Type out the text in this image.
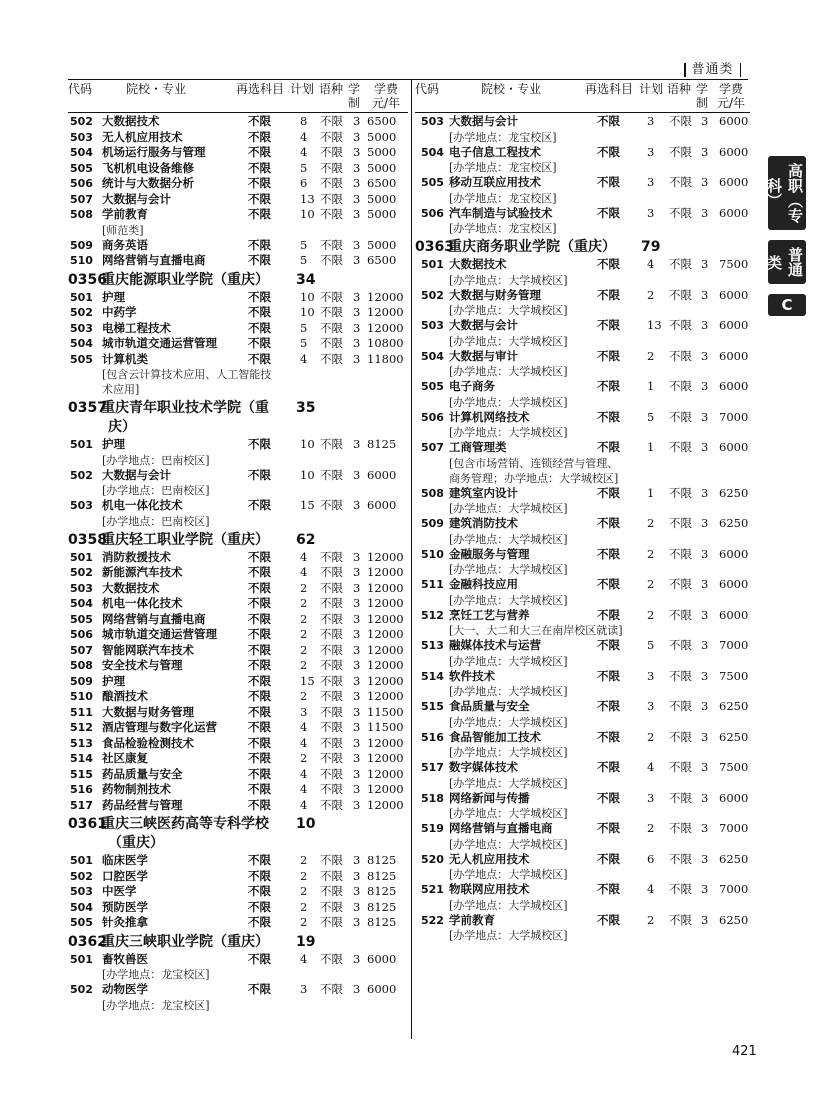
普通类
代码	院校・专业	再选科目 计划 语种 学制
学费元/年
502 大数据技术	不限	8 不限 3 6500
503 无人机应用技术	不限	4 不限 3 5000
504 机场运行服务与管理	不限	4 不限 3 5000
505 飞机机电设备维修	不限	5 不限 3 5000
506 统计与大数据分析	不限	6 不限 3 6500
507 大数据与会计	不限	13 不限 3 5000
508 学前教育	不限	10 不限 3 5000
[师范类]
509 商务英语	不限	5 不限 3 5000
510 网络营销与直播电商	不限	5 不限 3 6500
0356
重庆能源职业学院（重庆） 34
501 护理	不限	10 不限 3 12000
502 中药学	不限	10 不限 3 12000
503 电梯工程技术	不限	5 不限 3 12000
504 城市轨道交通运营管理	不限	5 不限 3 10800
505 计算机类	不限	4 不限 3 11800
[包含云计算技术应用、人工智能技
术应用]
0357
重庆青年职业技术学院（重 35
庆）
501 护理	不限	10 不限 3 8125
[办学地点：巴南校区]
502 大数据与会计	不限	10 不限 3 6000
[办学地点：巴南校区]
503 机电一体化技术	不限	15 不限 3 6000
[办学地点：巴南校区]
0358
重庆轻工职业学院（重庆） 62
501 消防救援技术	不限	4 不限 3 12000
502 新能源汽车技术	不限	4 不限 3 12000
503 大数据技术	不限	2 不限 3 12000
504 机电一体化技术	不限	2 不限 3 12000
505 网络营销与直播电商	不限	2 不限 3 12000
506 城市轨道交通运营管理	不限	2 不限 3 12000
507 智能网联汽车技术	不限	2 不限 3 12000
508 安全技术与管理	不限	2 不限 3 12000
509 护理	不限	15 不限 3 12000
510 酿酒技术	不限	2 不限 3 12000
511 大数据与财务管理	不限	3 不限 3 11500
512 酒店管理与数字化运营	不限	4 不限 3 11500
513 食品检验检测技术	不限	4 不限 3 12000
514 社区康复	不限	2 不限 3 12000
515 药品质量与安全	不限	4 不限 3 12000
516 药物制剂技术	不限	4 不限 3 12000
517 药品经营与管理	不限	4 不限 3 12000
0361
重庆三峡医药高等专科学校 10
（重庆）
501 临床医学	不限	2 不限 3 8125
502 口腔医学	不限	2 不限 3 8125
503 中医学	不限	2 不限 3 8125
504 预防医学	不限	2 不限 3 8125
505 针灸推拿	不限	2 不限 3 8125
0362
重庆三峡职业学院（重庆） 19
501 畜牧兽医	不限	4 不限 3 6000
[办学地点：龙宝校区]
502 动物医学	不限	3 不限 3 6000
[办学地点：龙宝校区]
代码	院校・专业	再选科目 计划 语种 学制
学费元/年
503 大数据与会计	不限 3 不限 3 6000
[办学地点：龙宝校区]
504 电子信息工程技术	不限 3 不限 3 6000
[办学地点：龙宝校区]
505 移动互联应用技术	不限 3 不限 3 6000
[办学地点：龙宝校区]
506 汽车制造与试验技术	不限 3 不限 3 6000
[办学地点：龙宝校区]
0363
重庆商务职业学院（重庆） 79
501 大数据技术	不限 4 不限 3 7500
[办学地点：大学城校区]
502 大数据与财务管理	不限 2 不限 3 6000
[办学地点：大学城校区]
503 大数据与会计	不限 13 不限 3 6000
[办学地点：大学城校区]
504 大数据与审计	不限 2 不限 3 6000
[办学地点：大学城校区]
505 电子商务	不限 1 不限 3 6000
[办学地点：大学城校区]
506 计算机网络技术	不限 5 不限 3 7000
[办学地点：大学城校区]
507 工商管理类	不限 1 不限 3 6000
[包含市场营销、连锁经营与管理、
商务管理；办学地点：大学城校区]
508 建筑室内设计	不限 1 不限 3 6250
[办学地点：大学城校区]
509 建筑消防技术	不限 2 不限 3 6250
[办学地点：大学城校区]
510 金融服务与管理	不限 2 不限 3 6000
[办学地点：大学城校区]
511 金融科技应用	不限 2 不限 3 6000
[办学地点：大学城校区]
512 烹饪工艺与营养	不限 2 不限 3 6000
[大一、大二和大三在南岸校区就读]
513 融媒体技术与运营	不限 5 不限 3 7000
[办学地点：大学城校区]
514 软件技术	不限 3 不限 3 7500
[办学地点：大学城校区]
515 食品质量与安全	不限 3 不限 3 6250
[办学地点：大学城校区]
516 食品智能加工技术	不限 2 不限 3 6250
[办学地点：大学城校区]
517 数字媒体技术	不限 4 不限 3 7500
[办学地点：大学城校区]
518 网络新闻与传播	不限 3 不限 3 6000
[办学地点：大学城校区]
519 网络营销与直播电商	不限 2 不限 3 7000
[办学地点：大学城校区]
520 无人机应用技术	不限 6 不限 3 6250
[办学地点：大学城校区]
521 物联网应用技术	不限 4 不限 3 7000
[办学地点：大学城校区]
522 学前教育	不限 2 不限 3 6250
[办学地点：大学城校区]
高职（专科）
普通类
C
421
